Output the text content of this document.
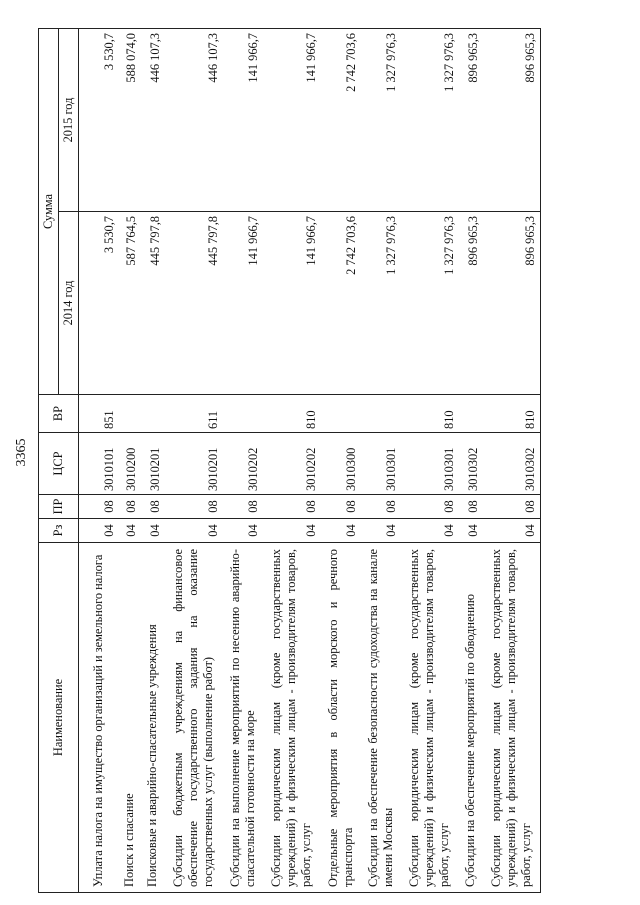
3365
Наименование	Рз	ПР	ЦСР	ВР	Сумма	
					2014 год	2015 год
Уплата налога на имущество организаций и земельного налога	04	08	3010101	851	3 530,7	3 530,7
Поиск и спасание	04	08	3010200		587 764,5	588 074,0
Поисковые и аварийно-спасательные учреждения	04	08	3010201		445 797,8	446 107,3
Субсидии бюджетным учреждениям на финансовое обеспечение государственного задания на оказание государственных услуг (выполнение работ)	04	08	3010201	611	445 797,8	446 107,3
Субсидии на выполнение мероприятий по несению аварийно-спасательной готовности на море	04	08	3010202		141 966,7	141 966,7
Субсидии юридическим лицам (кроме государственных учреждений) и физическим лицам - производителям товаров, работ, услуг	04	08	3010202	810	141 966,7	141 966,7
Отдельные мероприятия в области морского и речного транспорта	04	08	3010300		2 742 703,6	2 742 703,6
Субсидии на обеспечение безопасности судоходства на канале имени Москвы	04	08	3010301		1 327 976,3	1 327 976,3
Субсидии юридическим лицам (кроме государственных учреждений) и физическим лицам - производителям товаров, работ, услуг	04	08	3010301	810	1 327 976,3	1 327 976,3
Субсидии на обеспечение мероприятий по обводнению	04	08	3010302		896 965,3	896 965,3
Субсидии юридическим лицам (кроме государственных учреждений) и физическим лицам - производителям товаров, работ, услуг	04	08	3010302	810	896 965,3	896 965,3
